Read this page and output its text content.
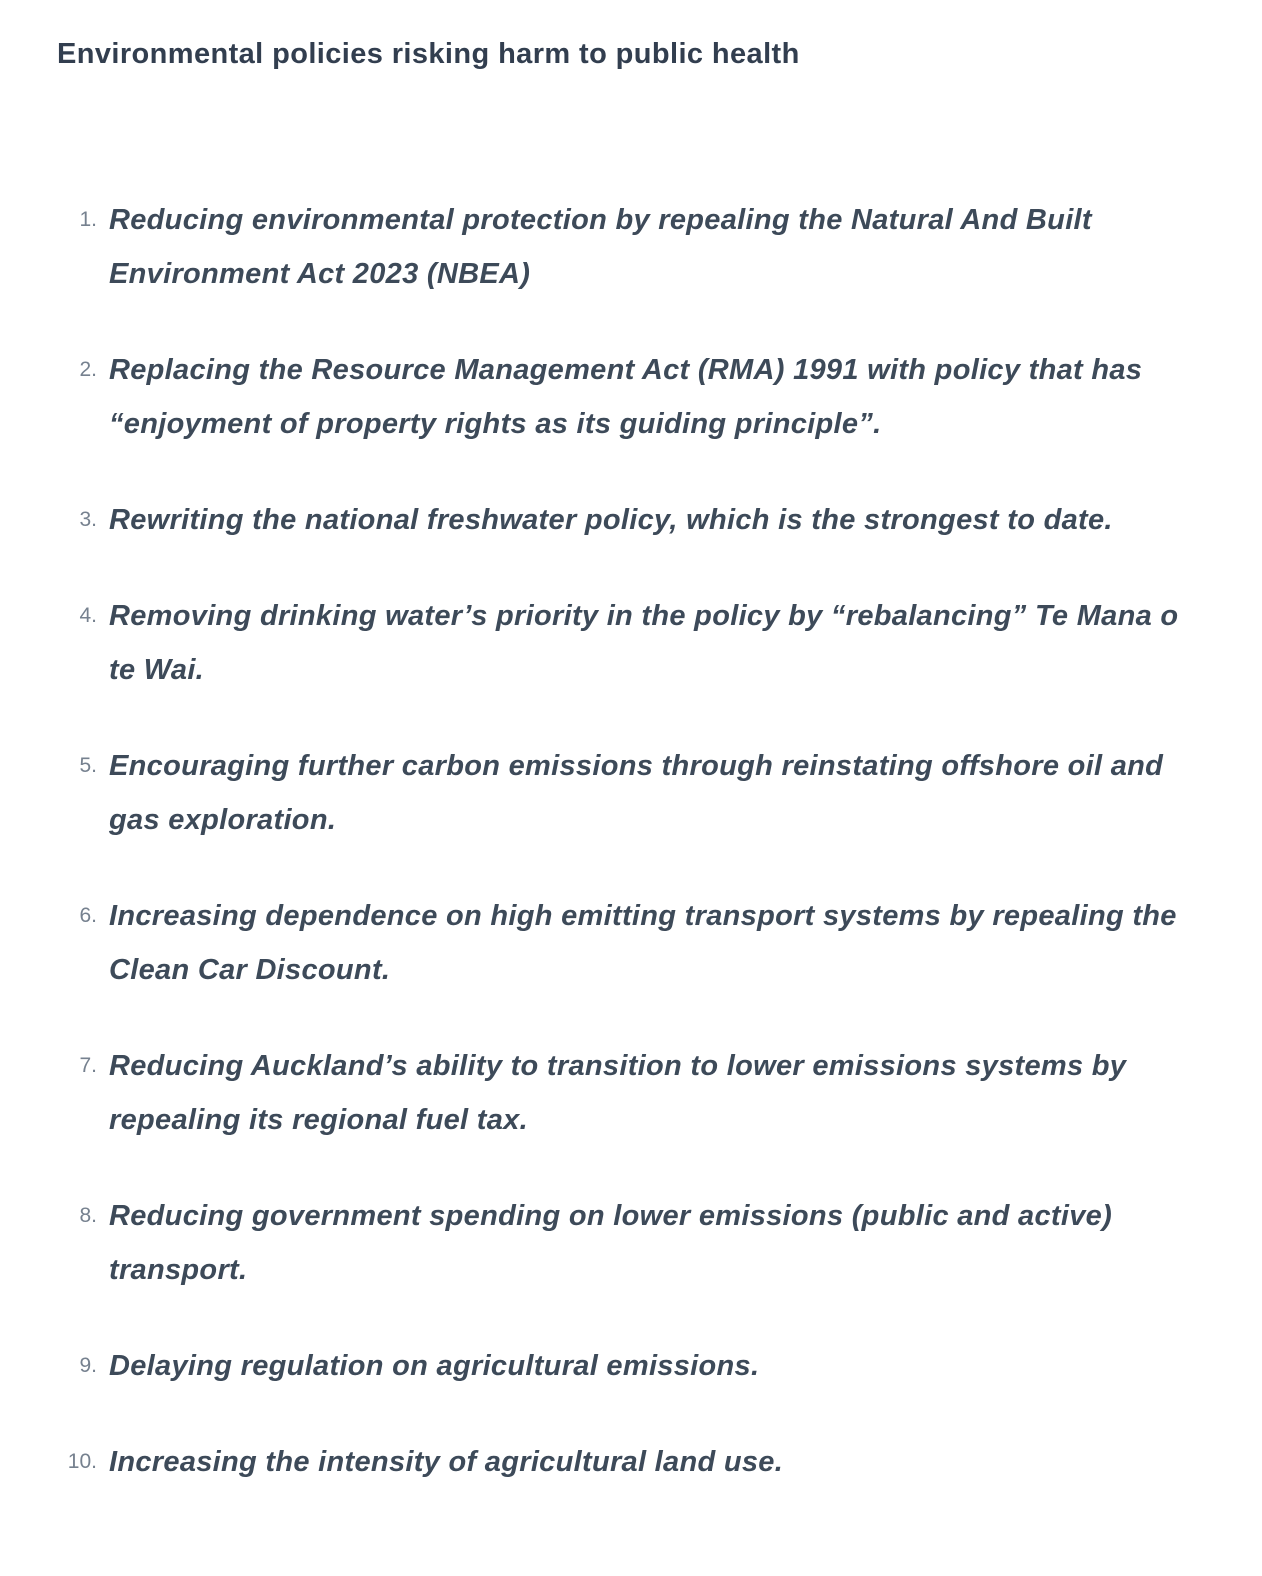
Environmental policies risking harm to public health
1. Reducing environmental protection by repealing the Natural And Built Environment Act 2023 (NBEA)
2. Replacing the Resource Management Act (RMA) 1991 with policy that has “enjoyment of property rights as its guiding principle”.
3. Rewriting the national freshwater policy, which is the strongest to date.
4. Removing drinking water’s priority in the policy by “rebalancing” Te Mana o te Wai.
5. Encouraging further carbon emissions through reinstating offshore oil and gas exploration.
6. Increasing dependence on high emitting transport systems by repealing the Clean Car Discount.
7. Reducing Auckland’s ability to transition to lower emissions systems by repealing its regional fuel tax.
8. Reducing government spending on lower emissions (public and active) transport.
9. Delaying regulation on agricultural emissions.
10. Increasing the intensity of agricultural land use.
